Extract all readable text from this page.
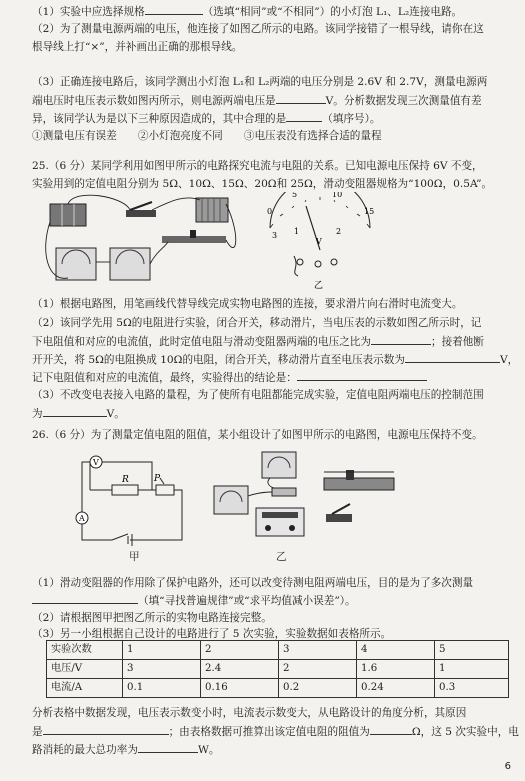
（1）实验中应选择规格	（选填“相同”或“不相同”）的小灯泡 L₁、L₂连接电路。
（2）为了测量电源两端的电压，他连接了如图乙所示的电路。该同学接错了一根导线，请你在这
根导线上打“×”，并补画出正确的那根导线。
（3）正确连接电路后，该同学测出小灯泡 L₁和 L₂两端的电压分别是 2.6V 和 2.7V，测量电源两
端电压时电压表示数如图丙所示，则电源两端电压是	V。分析数据发现三次测量值有差
异，该同学认为是以下三种原因造成的，其中合理的是	（填序号）。
①测量电压有误差　　②小灯泡亮度不同　　③电压表没有选择合适的量程
25.（6 分）某同学利用如图甲所示的电路探究电流与电阻的关系。已知电源电压保持 6V 不变，
实验用到的定值电阻分别为 5Ω、10Ω、15Ω、20Ω和 25Ω，滑动变阻器规格为“100Ω，0.5A”。
0
5	10
15
1	2
3
V
乙
（1）根据电路图，用笔画线代替导线完成实物电路图的连接，要求滑片向右滑时电流变大。
（2）该同学先用 5Ω的电阻进行实验，闭合开关，移动滑片，当电压表的示数如图乙所示时，记
下电阻值和对应的电流值，此时定值电阻与滑动变阻器两端的电压之比为	；接着他断
开开关，将 5Ω的电阻换成 10Ω的电阻，闭合开关，移动滑片直至电压表示数为	V，
记下电阻值和对应的电流值，最终，实验得出的结论是：
（3）不改变电表接入电路的量程，为了使所有电阻都能完成实验，定值电阻两端电压的控制范围
为	V。
26.（6 分）为了测量定值电阻的阻值，某小组设计了如图甲所示的电路图，电源电压保持不变。
V
A
R	P
甲	乙
（1）滑动变阻器的作用除了保护电路外，还可以改变待测电阻两端电压，目的是为了多次测量
（填“寻找普遍规律”或“求平均值减小误差”）。
（2）请根据图甲把图乙所示的实物电路连接完整。
（3）另一小组根据自己设计的电路进行了 5 次实验，实验数据如表格所示。
实验次数	1	2	3	4	5
电压/V	3	2.4	2	1.6	1
电流/A	0.1	0.16	0.2	0.24	0.3
分析表格中数据发现，电压表示数变小时，电流表示数变大，从电路设计的角度分析，其原因
是	；由表格数据可推算出该定值电阻的阻值为	Ω，这 5 次实验中，电
路消耗的最大总功率为	W。
6
